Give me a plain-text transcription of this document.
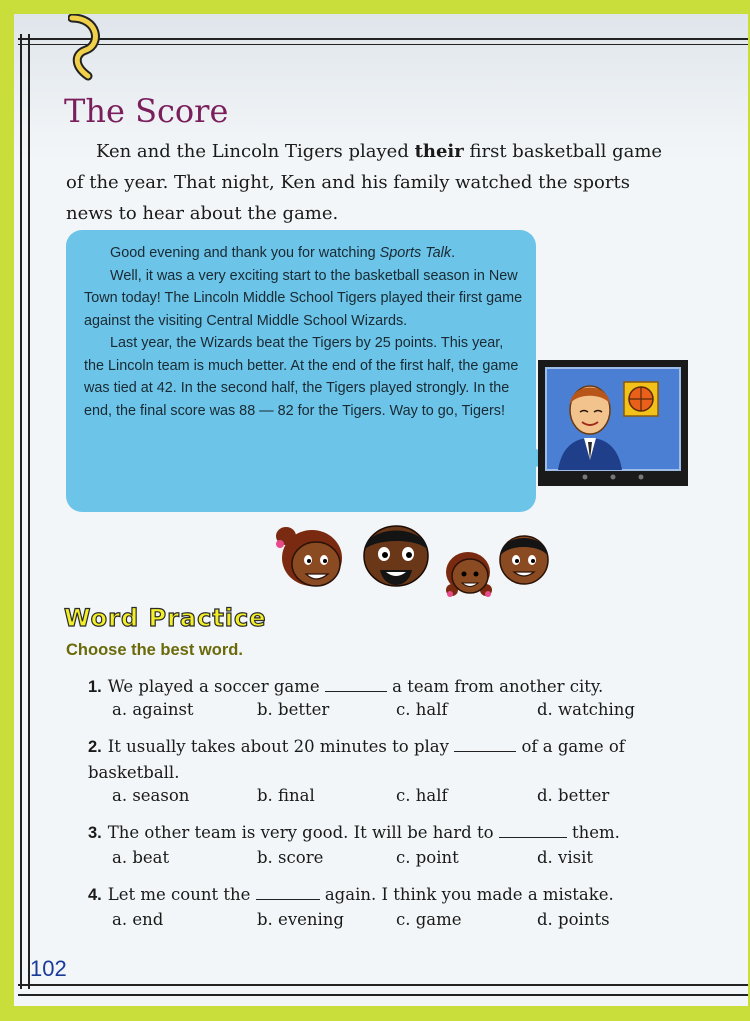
The Score

Ken and the Lincoln Tigers played their first basketball game of the year. That night, Ken and his family watched the sports news to hear about the game.

Good evening and thank you for watching Sports Talk.

Well, it was a very exciting start to the basketball season in New Town today! The Lincoln Middle School Tigers played their first game against the visiting Central Middle School Wizards.

Last year, the Wizards beat the Tigers by 25 points. This year, the Lincoln team is much better. At the end of the first half, the game was tied at 42. In the second half, the Tigers played strongly. In the end, the final score was 88 — 82 for the Tigers. Way to go, Tigers!

Word Practice
Choose the best word.
1. We played a soccer game	a team from another city.
a. against	b. better	c. half	d. watching
2. It usually takes about 20 minutes to play	of a game of basketball.
a. season	b. final	c. half	d. better
3. The other team is very good. It will be hard to	them.
a. beat	b. score	c. point	d. visit
4. Let me count the	again. I think you made a mistake.
a. end	b. evening	c. game	d. points
102
